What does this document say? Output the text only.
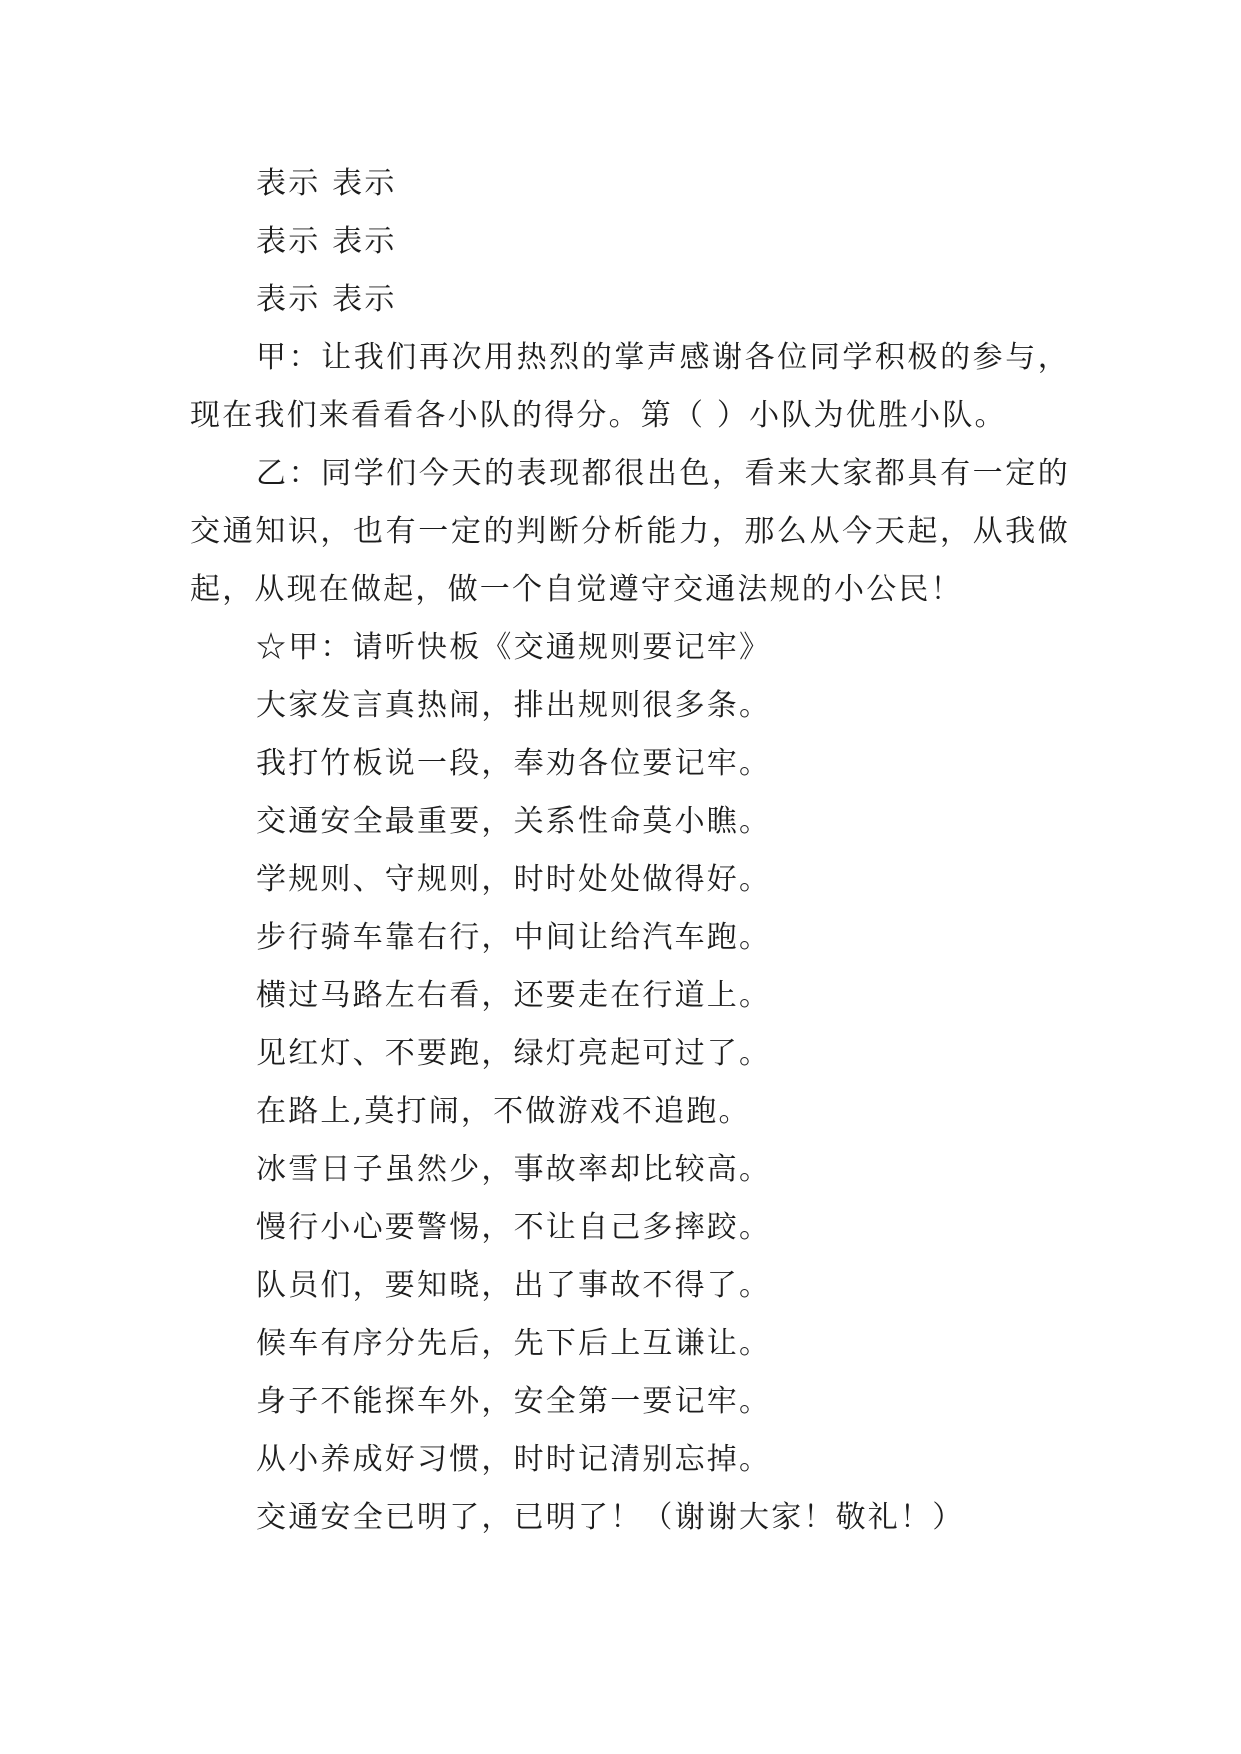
表示 表示
表示 表示
表示 表示

甲：让我们再次用热烈的掌声感谢各位同学积极的参与，现在我们来看看各小队的得分。第（ ）小队为优胜小队。

乙：同学们今天的表现都很出色，看来大家都具有一定的交通知识，也有一定的判断分析能力，那么从今天起，从我做起，从现在做起，做一个自觉遵守交通法规的小公民！

☆甲：请听快板《交通规则要记牢》
大家发言真热闹，排出规则很多条。
我打竹板说一段，奉劝各位要记牢。
交通安全最重要，关系性命莫小瞧。
学规则、守规则，时时处处做得好。
步行骑车靠右行，中间让给汽车跑。
横过马路左右看，还要走在行道上。
见红灯、不要跑，绿灯亮起可过了。
在路上,莫打闹，不做游戏不追跑。
冰雪日子虽然少，事故率却比较高。
慢行小心要警惕，不让自己多摔跤。
队员们，要知晓，出了事故不得了。
候车有序分先后，先下后上互谦让。
身子不能探车外，安全第一要记牢。
从小养成好习惯，时时记清别忘掉。
交通安全已明了，已明了！（谢谢大家！敬礼！）
